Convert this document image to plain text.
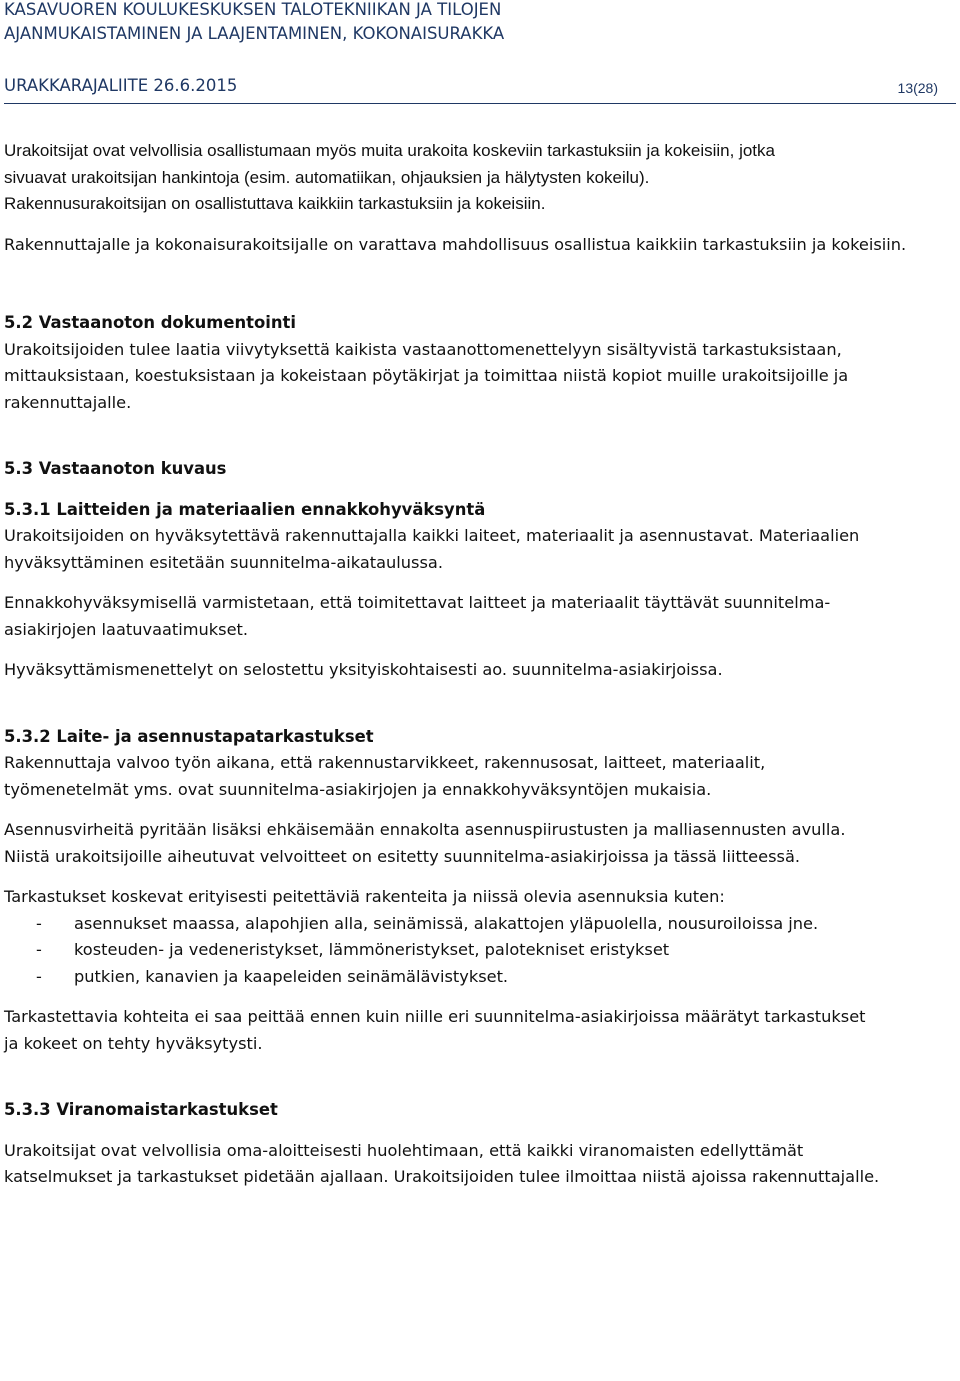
KASAVUOREN KOULUKESKUKSEN TALOTEKNIIKAN JA TILOJEN
AJANMUKAISTAMINEN JA LAAJENTAMINEN, KOKONAISURAKKA
URAKKARAJALIITE 26.6.2015	13(28)

Urakoitsijat ovat velvollisia osallistumaan myös muita urakoita koskeviin tarkastuksiin ja kokeisiin, jotka
sivuavat urakoitsijan hankintoja (esim. automatiikan, ohjauksien ja hälytysten kokeilu).
Rakennusurakoitsijan on osallistuttava kaikkiin tarkastuksiin ja kokeisiin.

Rakennuttajalle ja kokonaisurakoitsijalle on varattava mahdollisuus osallistua kaikkiin tarkastuksiin ja kokeisiin.

5.2 Vastaanoton dokumentointi

Urakoitsijoiden tulee laatia viivytyksettä kaikista vastaanottomenettelyyn sisältyvistä tarkastuksistaan, mittauksistaan, koestuksistaan ja kokeistaan pöytäkirjat ja toimittaa niistä kopiot muille urakoitsijoille ja rakennuttajalle.

5.3 Vastaanoton kuvaus
5.3.1 Laitteiden ja materiaalien ennakkohyväksyntä

Urakoitsijoiden on hyväksytettävä rakennuttajalla kaikki laiteet, materiaalit ja asennustavat. Materiaalien hyväksyttäminen esitetään suunnitelma-aikataulussa.

Ennakkohyväksymisellä varmistetaan, että toimitettavat laitteet ja materiaalit täyttävät suunnitelma-
asiakirjojen laatuvaatimukset.

Hyväksyttämismenettelyt on selostettu yksityiskohtaisesti ao. suunnitelma-asiakirjoissa.

5.3.2 Laite- ja asennustapatarkastukset

Rakennuttaja valvoo työn aikana, että rakennustarvikkeet, rakennusosat, laitteet, materiaalit,
työmenetelmät yms. ovat suunnitelma-asiakirjojen ja ennakkohyväksyntöjen mukaisia.

Asennusvirheitä pyritään lisäksi ehkäisemään ennakolta asennuspiirustusten ja malliasennusten avulla.
Niistä urakoitsijoille aiheutuvat velvoitteet on esitetty suunnitelma-asiakirjoissa ja tässä liitteessä.

Tarkastukset koskevat erityisesti peitettäviä rakenteita ja niissä olevia asennuksia kuten:

- asennukset maassa, alapohjien alla, seinämissä, alakattojen yläpuolella, nousuroiloissa jne.
- kosteuden- ja vedeneristykset, lämmöneristykset, palotekniset eristykset
- putkien, kanavien ja kaapeleiden seinämälävistykset.

Tarkastettavia kohteita ei saa peittää ennen kuin niille eri suunnitelma-asiakirjoissa määrätyt tarkastukset
ja kokeet on tehty hyväksytysti.

5.3.3 Viranomaistarkastukset

Urakoitsijat ovat velvollisia oma-aloitteisesti huolehtimaan, että kaikki viranomaisten edellyttämät
katselmukset ja tarkastukset pidetään ajallaan. Urakoitsijoiden tulee ilmoittaa niistä ajoissa rakennuttajalle.
